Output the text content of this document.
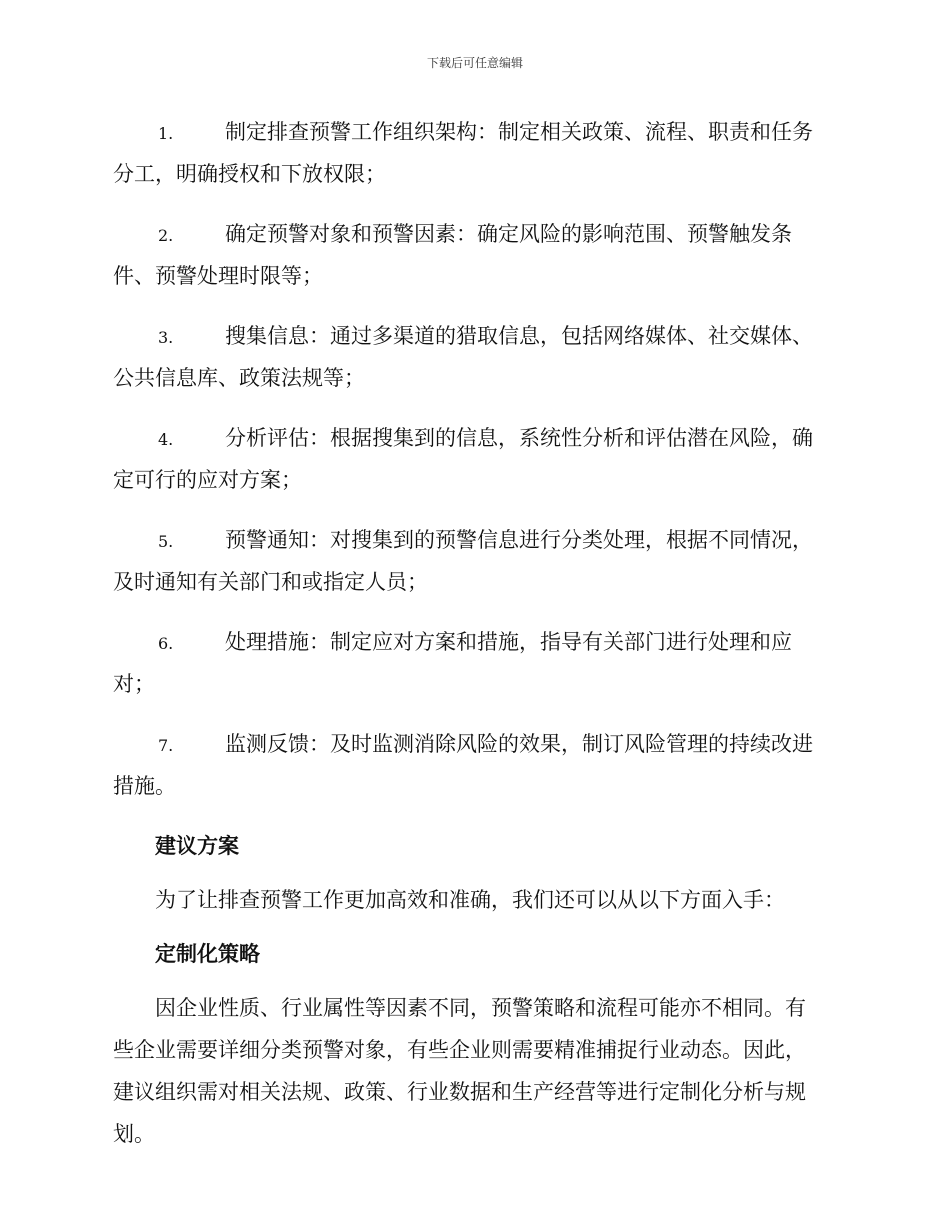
下载后可任意编辑
1. 制定排查预警工作组织架构：制定相关政策、流程、职责和任务
分工，明确授权和下放权限；
2. 确定预警对象和预警因素：确定风险的影响范围、预警触发条
件、预警处理时限等；
3. 搜集信息：通过多渠道的猎取信息，包括网络媒体、社交媒体、
公共信息库、政策法规等；
4. 分析评估：根据搜集到的信息，系统性分析和评估潜在风险，确
定可行的应对方案；
5. 预警通知：对搜集到的预警信息进行分类处理，根据不同情况，
及时通知有关部门和或指定人员；
6. 处理措施：制定应对方案和措施，指导有关部门进行处理和应
对；
7. 监测反馈：及时监测消除风险的效果，制订风险管理的持续改进
措施。
建议方案
为了让排查预警工作更加高效和准确，我们还可以从以下方面入手：
定制化策略
因企业性质、行业属性等因素不同，预警策略和流程可能亦不相同。有
些企业需要详细分类预警对象，有些企业则需要精准捕捉行业动态。因此，
建议组织需对相关法规、政策、行业数据和生产经营等进行定制化分析与规
划。
